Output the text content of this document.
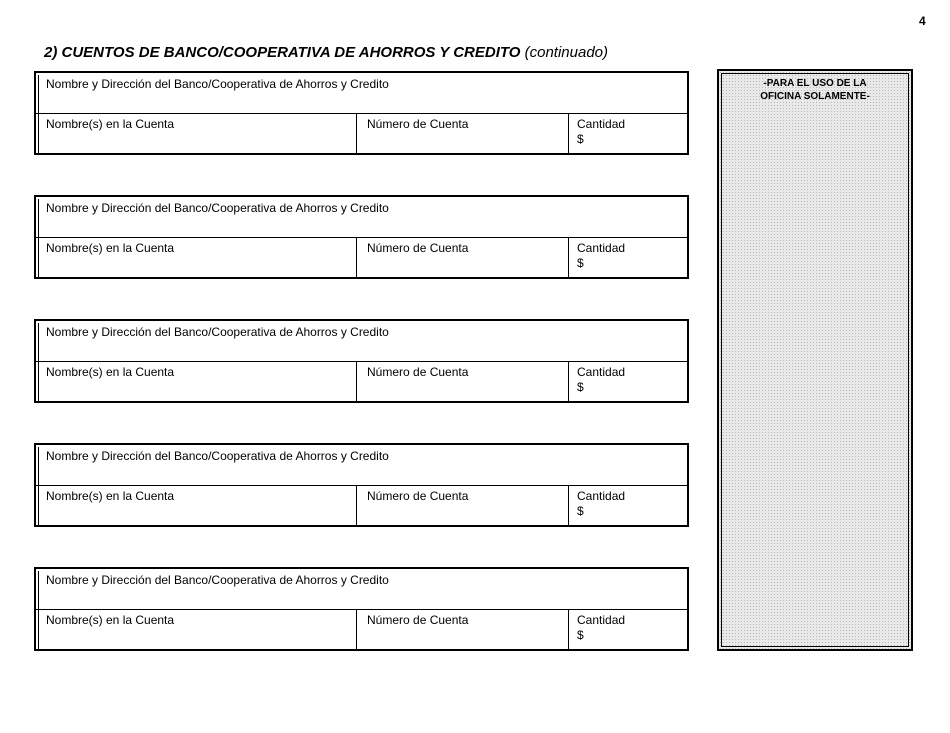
4
2) CUENTOS DE BANCO/COOPERATIVA DE AHORROS Y CREDITO (continuado)
Nombre y Dirección del Banco/Cooperativa de Ahorros y Credito
Nombre(s) en la Cuenta	Número de Cuenta	Cantidad
$
Nombre y Dirección del Banco/Cooperativa de Ahorros y Credito
Nombre(s) en la Cuenta	Número de Cuenta	Cantidad
$
Nombre y Dirección del Banco/Cooperativa de Ahorros y Credito
Nombre(s) en la Cuenta	Número de Cuenta	Cantidad
$
Nombre y Dirección del Banco/Cooperativa de Ahorros y Credito
Nombre(s) en la Cuenta	Número de Cuenta	Cantidad
$
Nombre y Dirección del Banco/Cooperativa de Ahorros y Credito
Nombre(s) en la Cuenta	Número de Cuenta	Cantidad
$
-PARA EL USO DE LA OFICINA SOLAMENTE-
